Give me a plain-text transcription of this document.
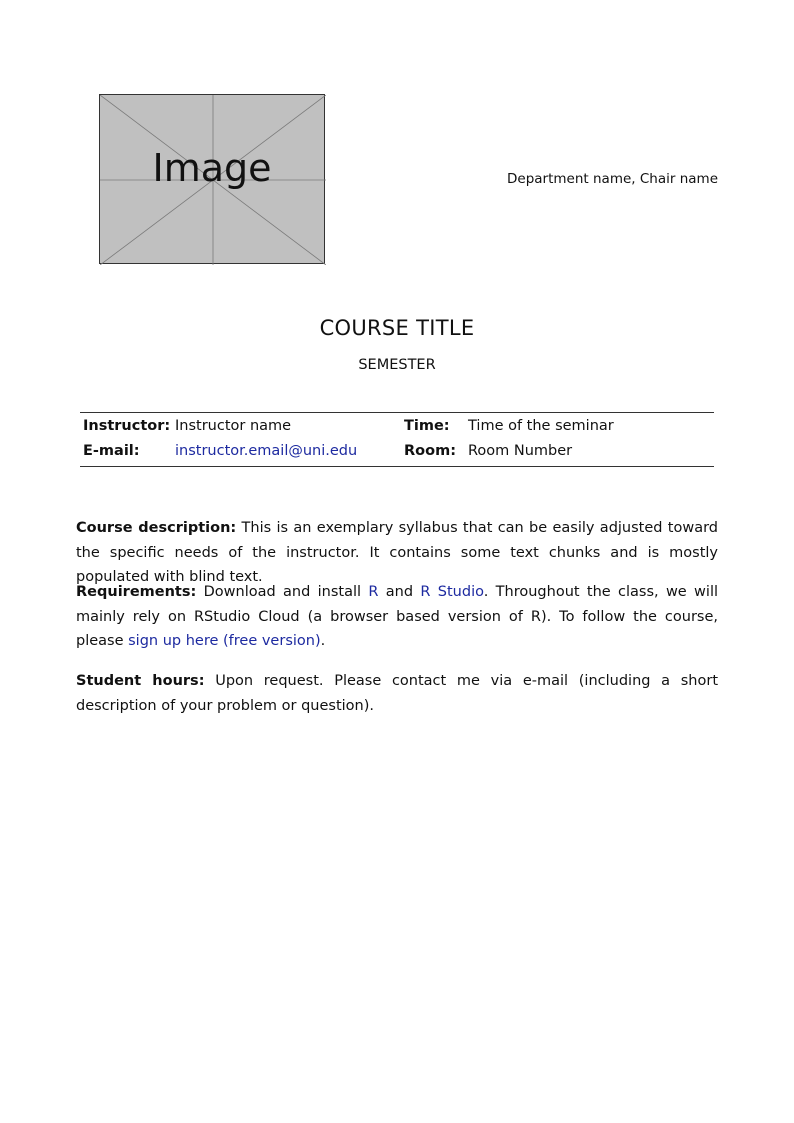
Image	Department name, Chair name
COURSE TITLE
SEMESTER
Instructor: Instructor name	Time: Time of the seminar
E-mail: instructor.email@uni.edu	Room: Room Number
Course description: This is an exemplary syllabus that can be easily adjusted toward the specific needs of the instructor. It contains some text chunks and is mostly populated with blind text.
Requirements: Download and install R and R Studio. Throughout the class, we will mainly rely on RStudio Cloud (a browser based version of R). To follow the course, please sign up here (free version).
Student hours: Upon request. Please contact me via e-mail (including a short description of your problem or question).
